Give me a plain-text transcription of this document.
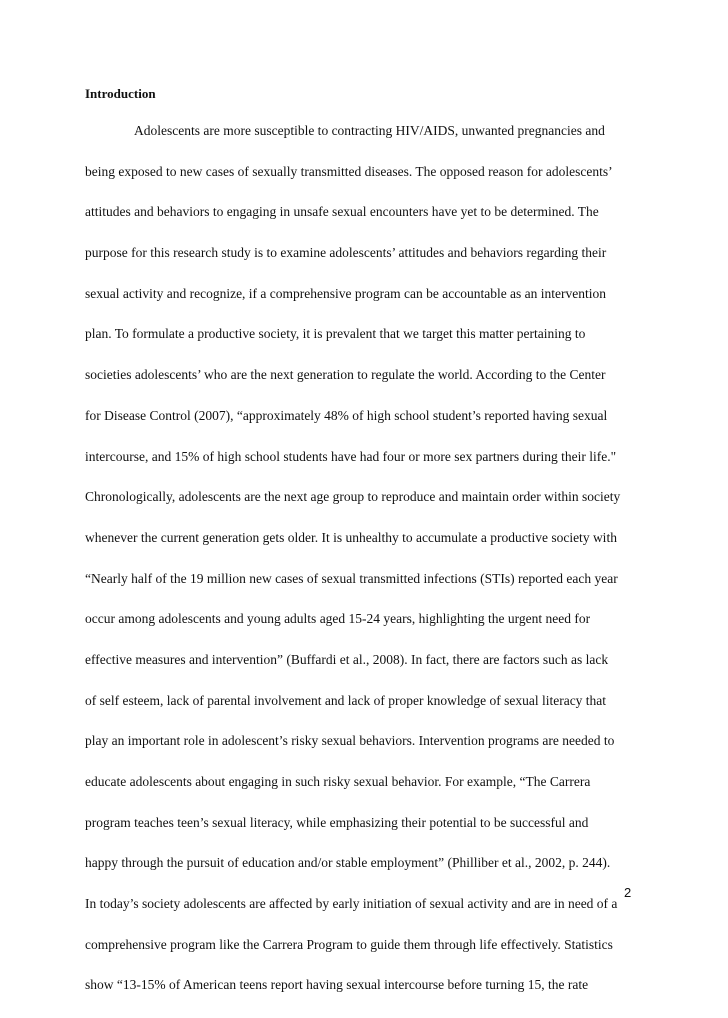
Introduction
Adolescents are more susceptible to contracting HIV/AIDS, unwanted pregnancies and
being exposed to new cases of sexually transmitted diseases. The opposed reason for adolescents’
attitudes and behaviors to engaging in unsafe sexual encounters have yet to be determined. The
purpose for this research study is to examine adolescents’ attitudes and behaviors regarding their
sexual activity and recognize, if a comprehensive program can be accountable as an intervention
plan. To formulate a productive society, it is prevalent that we target this matter pertaining to
societies adolescents’ who are the next generation to regulate the world. According to the Center
for Disease Control (2007), “approximately 48% of high school student’s reported having sexual
intercourse, and 15% of high school students have had four or more sex partners during their life."
Chronologically, adolescents are the next age group to reproduce and maintain order within society
whenever the current generation gets older. It is unhealthy to accumulate a productive society with
“Nearly half of the 19 million new cases of sexual transmitted infections (STIs) reported each year
occur among adolescents and young adults aged 15-24 years, highlighting the urgent need for
effective measures and intervention” (Buffardi et al., 2008). In fact, there are factors such as lack
of self esteem, lack of parental involvement and lack of proper knowledge of sexual literacy that
play an important role in adolescent’s risky sexual behaviors. Intervention programs are needed to
educate adolescents about engaging in such risky sexual behavior. For example, “The Carrera
program teaches teen’s sexual literacy, while emphasizing their potential to be successful and
happy through the pursuit of education and/or stable employment” (Philliber et al., 2002, p. 244).
In today’s society adolescents are affected by early initiation of sexual activity and are in need of a
comprehensive program like the Carrera Program to guide them through life effectively. Statistics
show “13-15% of American teens report having sexual intercourse before turning 15, the rate
2
